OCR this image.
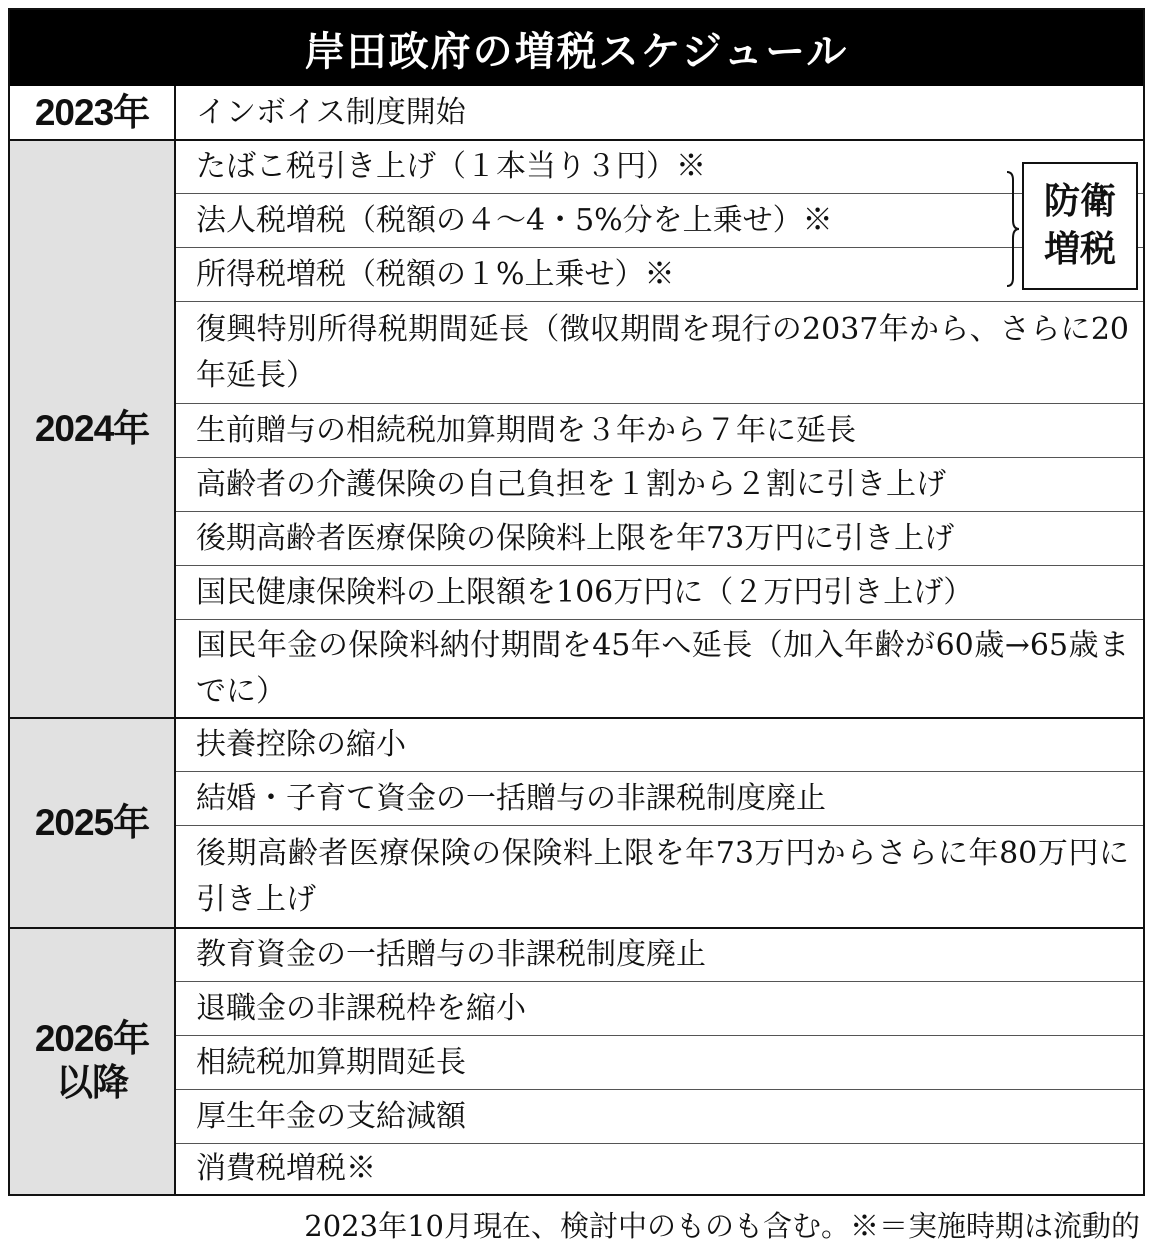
岸田政府の増税スケジュール
2023年
2024年
2025年
2026年
以降
インボイス制度開始
たばこ税引き上げ（１本当り３円）※
法人税増税（税額の４〜4・5%分を上乗せ）※
所得税増税（税額の１%上乗せ）※
復興特別所得税期間延長（徴収期間を現行の2037年から、さらに20年延長）
生前贈与の相続税加算期間を３年から７年に延長
高齢者の介護保険の自己負担を１割から２割に引き上げ
後期高齢者医療保険の保険料上限を年73万円に引き上げ
国民健康保険料の上限額を106万円に（２万円引き上げ）
国民年金の保険料納付期間を45年へ延長（加入年齢が60歳→65歳までに）
扶養控除の縮小
結婚・子育て資金の一括贈与の非課税制度廃止
後期高齢者医療保険の保険料上限を年73万円からさらに年80万円に引き上げ
教育資金の一括贈与の非課税制度廃止
退職金の非課税枠を縮小
相続税加算期間延長
厚生年金の支給減額
消費税増税※
防衛
増税
2023年10月現在、検討中のものも含む。※＝実施時期は流動的
